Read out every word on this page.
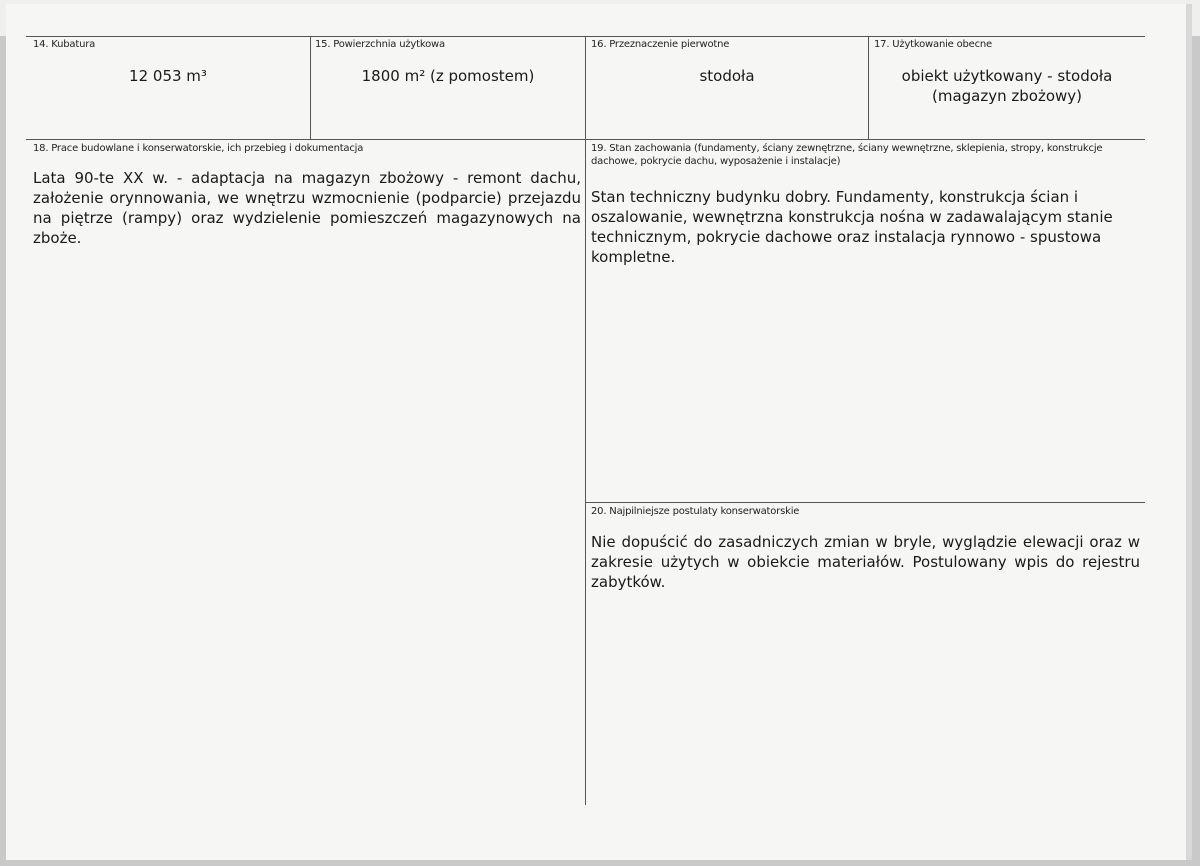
14. Kubatura
12 053 m³
15. Powierzchnia użytkowa
1800 m² (z pomostem)
16. Przeznaczenie pierwotne
stodoła
17. Użytkowanie obecne
obiekt użytkowany - stodoła (magazyn zbożowy)
18. Prace budowlane i konserwatorskie, ich przebieg i dokumentacja
Lata 90-te XX w. - adaptacja na magazyn zbożowy - remont dachu, założenie orynnowania, we wnętrzu wzmocnienie (podparcie) przejazdu na piętrze (rampy) oraz wydzielenie pomieszczeń magazynowych na zboże.
19. Stan zachowania (fundamenty, ściany zewnętrzne, ściany wewnętrzne, sklepienia, stropy, konstrukcje dachowe, pokrycie dachu, wyposażenie i instalacje)
Stan techniczny budynku dobry. Fundamenty, konstrukcja ścian i oszalowanie, wewnętrzna konstrukcja nośna w zadawalającym stanie technicznym, pokrycie dachowe oraz instalacja rynnowo - spustowa kompletne.
20. Najpilniejsze postulaty konserwatorskie
Nie dopuścić do zasadniczych zmian w bryle, wyglądzie elewacji oraz w zakresie użytych w obiekcie materiałów. Postulowany wpis do rejestru zabytków.
